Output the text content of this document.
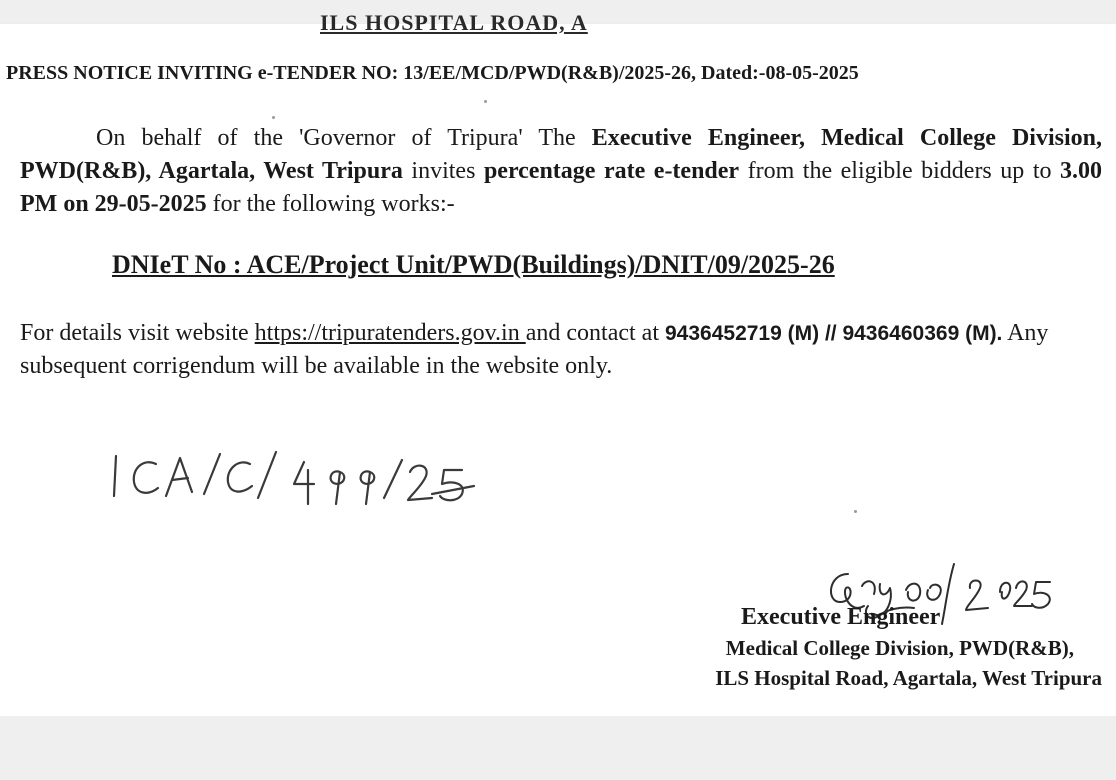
ILS HOSPITAL ROAD, A
PRESS NOTICE INVITING e-TENDER NO: 13/EE/MCD/PWD(R&B)/2025-26, Dated:-08-05-2025
On behalf of the 'Governor of Tripura' The Executive Engineer, Medical College Division, PWD(R&B), Agartala, West Tripura invites percentage rate e-tender from the eligible bidders up to 3.00 PM on 29-05-2025 for the following works:-
DNIeT No : ACE/Project Unit/PWD(Buildings)/DNIT/09/2025-26
For details visit website https://tripuratenders.gov.in and contact at 9436452719 (M) // 9436460369 (M). Any subsequent corrigendum will be available in the website only.
Executive Engineer
Medical College Division, PWD(R&B),
ILS Hospital Road, Agartala, West Tripura
